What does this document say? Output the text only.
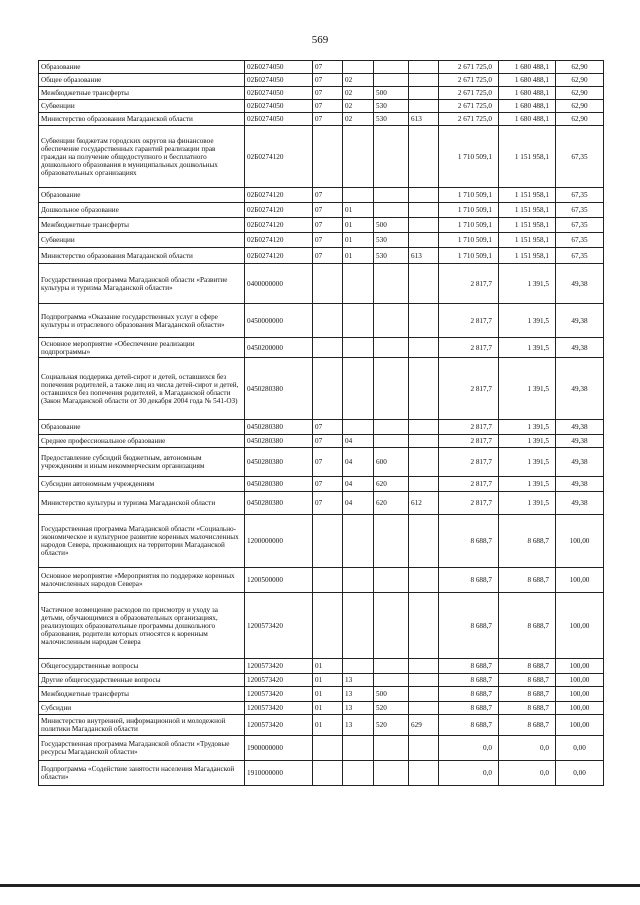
569
Образование	02Б0274050	07				2 671 725,0	1 680 488,1	62,90
Общее образование	02Б0274050	07	02			2 671 725,0	1 680 488,1	62,90
Межбюджетные трансферты	02Б0274050	07	02	500		2 671 725,0	1 680 488,1	62,90
Субвенции	02Б0274050	07	02	530		2 671 725,0	1 680 488,1	62,90
Министерство образования Магаданской области	02Б0274050	07	02	530	613	2 671 725,0	1 680 488,1	62,90
Субвенции бюджетам городских округов на финансовое обеспечение государственных гарантий реализации прав граждан на получение общедоступного и бесплатного дошкольного образования в муниципальных дошкольных образовательных организациях	02Б0274120					1 710 509,1	1 151 958,1	67,35
Образование	02Б0274120	07				1 710 509,1	1 151 958,1	67,35
Дошкольное образование	02Б0274120	07	01			1 710 509,1	1 151 958,1	67,35
Межбюджетные трансферты	02Б0274120	07	01	500		1 710 509,1	1 151 958,1	67,35
Субвенции	02Б0274120	07	01	530		1 710 509,1	1 151 958,1	67,35
Министерство образования Магаданской области	02Б0274120	07	01	530	613	1 710 509,1	1 151 958,1	67,35
Государственная программа Магаданской области «Развитие культуры и туризма Магаданской области»	0400000000					2 817,7	1 391,5	49,38
Подпрограмма «Оказание государственных услуг в сфере культуры и отраслевого образования Магаданской области»	0450000000					2 817,7	1 391,5	49,38
Основное мероприятие «Обеспечение реализации подпрограммы»	0450200000					2 817,7	1 391,5	49,38
Социальная поддержка детей-сирот и детей, оставшихся без попечения родителей, а также лиц из числа детей-сирот и детей, оставшихся без попечения родителей, в Магаданской области (Закон Магаданской области от 30 декабря 2004 года № 541-ОЗ)	0450280380					2 817,7	1 391,5	49,38
Образование	0450280380	07				2 817,7	1 391,5	49,38
Среднее профессиональное образование	0450280380	07	04			2 817,7	1 391,5	49,38
Предоставление субсидий бюджетным, автономным учреждениям и иным некоммерческим организациям	0450280380	07	04	600		2 817,7	1 391,5	49,38
Субсидии автономным учреждениям	0450280380	07	04	620		2 817,7	1 391,5	49,38
Министерство культуры и туризма Магаданской области	0450280380	07	04	620	612	2 817,7	1 391,5	49,38
Государственная программа Магаданской области «Социально-экономическое и культурное развитие коренных малочисленных народов Севера, проживающих на территории Магаданской области»	1200000000					8 688,7	8 688,7	100,00
Основное мероприятие «Мероприятия по поддержке коренных малочисленных народов Севера»	1200500000					8 688,7	8 688,7	100,00
Частичное возмещение расходов по присмотру и уходу за детьми, обучающимися в образовательных организациях, реализующих образовательные программы дошкольного образования, родители которых относятся к коренным малочисленным народам Севера	1200573420					8 688,7	8 688,7	100,00
Общегосударственные вопросы	1200573420	01				8 688,7	8 688,7	100,00
Другие общегосударственные вопросы	1200573420	01	13			8 688,7	8 688,7	100,00
Межбюджетные трансферты	1200573420	01	13	500		8 688,7	8 688,7	100,00
Субсидии	1200573420	01	13	520		8 688,7	8 688,7	100,00
Министерство внутренней, информационной и молодежной политики Магаданской области	1200573420	01	13	520	629	8 688,7	8 688,7	100,00
Государственная программа Магаданской области «Трудовые ресурсы Магаданской области»	1900000000					0,0	0,0	0,00
Подпрограмма «Содействие занятости населения Магаданской области»	1910000000					0,0	0,0	0,00
